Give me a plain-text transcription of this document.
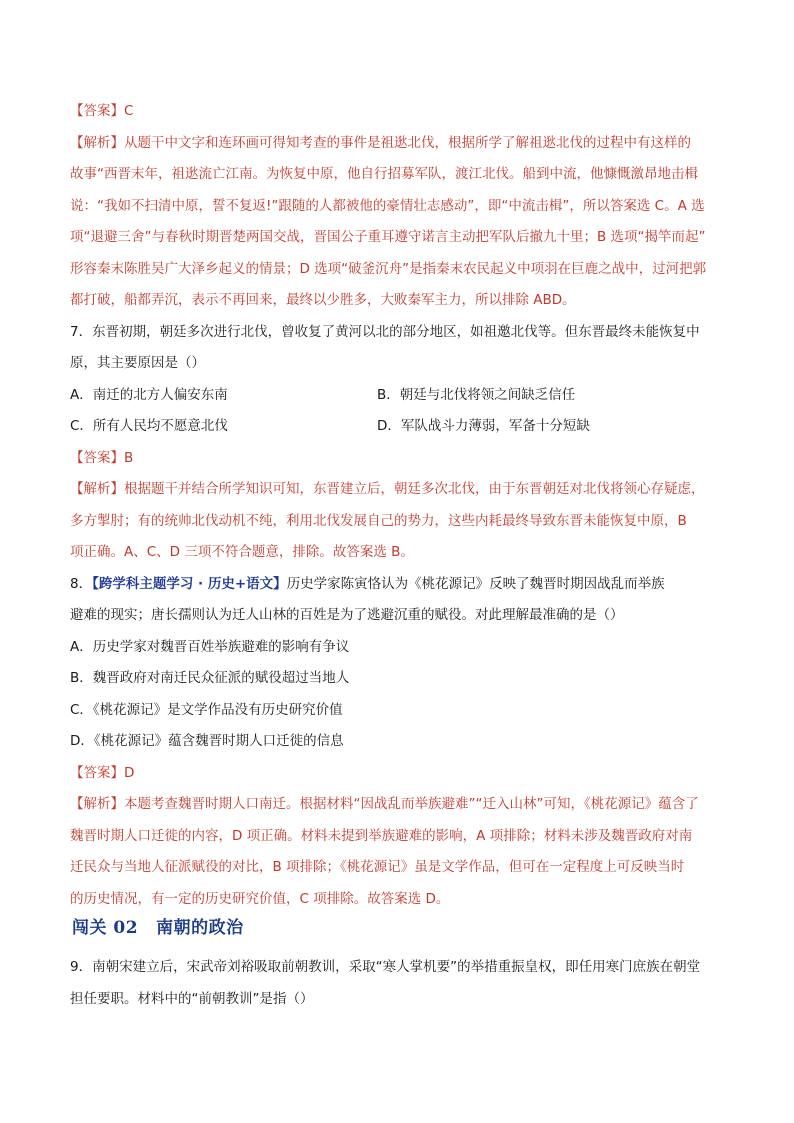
【答案】C
【解析】从题干中文字和连环画可得知考查的事件是祖逖北伐，根据所学了解祖逖北伐的过程中有这样的
故事“西晋末年，祖逖流亡江南。为恢复中原，他自行招募军队，渡江北伐。船到中流，他慷慨激昂地击楫
说：“我如不扫清中原，誓不复返!”跟随的人都被他的豪情壮志感动”，即“中流击楫”，所以答案选 C。A 选
项“退避三舍”与春秋时期晋楚两国交战，晋国公子重耳遵守诺言主动把军队后撤九十里；B 选项“揭竿而起”
形容秦末陈胜吴广大泽乡起义的情景；D 选项“破釜沉舟”是指秦末农民起义中项羽在巨鹿之战中，过河把郭
都打破，船都弄沉，表示不再回来，最终以少胜多，大败秦军主力，所以排除 ABD。
7．东晋初期，朝廷多次进行北伐，曾收复了黄河以北的部分地区，如祖邀北伐等。但东晋最终未能恢复中
原，其主要原因是（）
A．南迁的北方人偏安东南	B．朝廷与北伐将领之间缺乏信任
C．所有人民均不愿意北伐	D．军队战斗力薄弱，军备十分短缺
【答案】B
【解析】根据题干并结合所学知识可知，东晋建立后，朝廷多次北伐，由于东晋朝廷对北伐将领心存疑虑，
多方掣肘；有的统帅北伐动机不纯，利用北伐发展自己的势力，这些内耗最终导致东晋未能恢复中原，B
项正确。A、C、D 三项不符合题意，排除。故答案选 B。
8．【跨学科主题学习 · 历史+语文】历史学家陈寅恪认为《桃花源记》反映了魏晋时期因战乱而举族
避难的现实；唐长孺则认为迁人山林的百姓是为了逃避沉重的赋役。对此理解最准确的是（）
A．历史学家对魏晋百姓举族避难的影响有争议
B．魏晋政府对南迁民众征派的赋役超过当地人
C．《桃花源记》是文学作品没有历史研究价值
D．《桃花源记》蕴含魏晋时期人口迁徙的信息
【答案】D
【解析】本题考查魏晋时期人口南迁。根据材料“因战乱而举族避难”“迁入山林”可知，《桃花源记》蕴含了
魏晋时期人口迁徙的内容，D 项正确。材料未提到举族避难的影响，A 项排除；材料未涉及魏晋政府对南
迁民众与当地人征派赋役的对比，B 项排除；《桃花源记》虽是文学作品，但可在一定程度上可反映当时
的历史情况，有一定的历史研究价值，C 项排除。故答案选 D。
闯关 02 南朝的政治
9．南朝宋建立后，宋武帝刘裕吸取前朝教训，采取“寒人掌机要”的举措重振皇权，即任用寒门庶族在朝堂
担任要职。材料中的“前朝教训”是指（）
